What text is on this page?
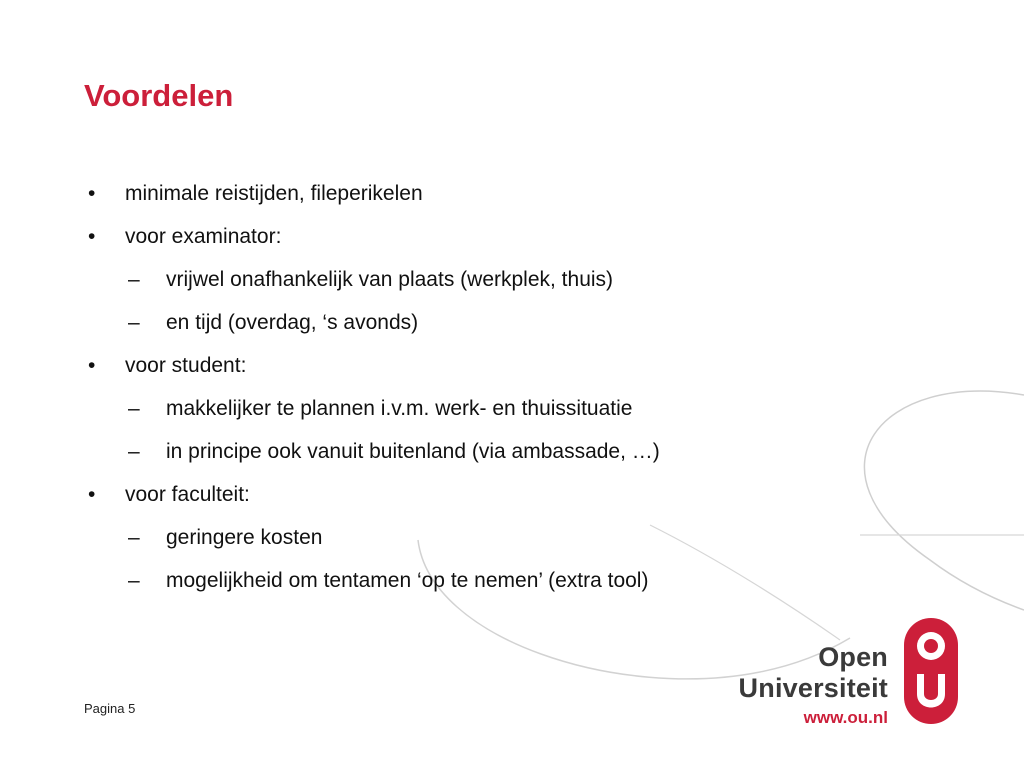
Voordelen
• minimale reistijden, fileperikelen
• voor examinator:
– vrijwel onafhankelijk van plaats (werkplek, thuis)
– en tijd (overdag, ‘s avonds)
• voor student:
– makkelijker te plannen i.v.m. werk- en thuissituatie
– in principe ook vanuit buitenland (via ambassade, …)
• voor faculteit:
– geringere kosten
– mogelijkheid om tentamen ‘op te nemen’ (extra tool)
Open Universiteit
www.ou.nl
Pagina 5
